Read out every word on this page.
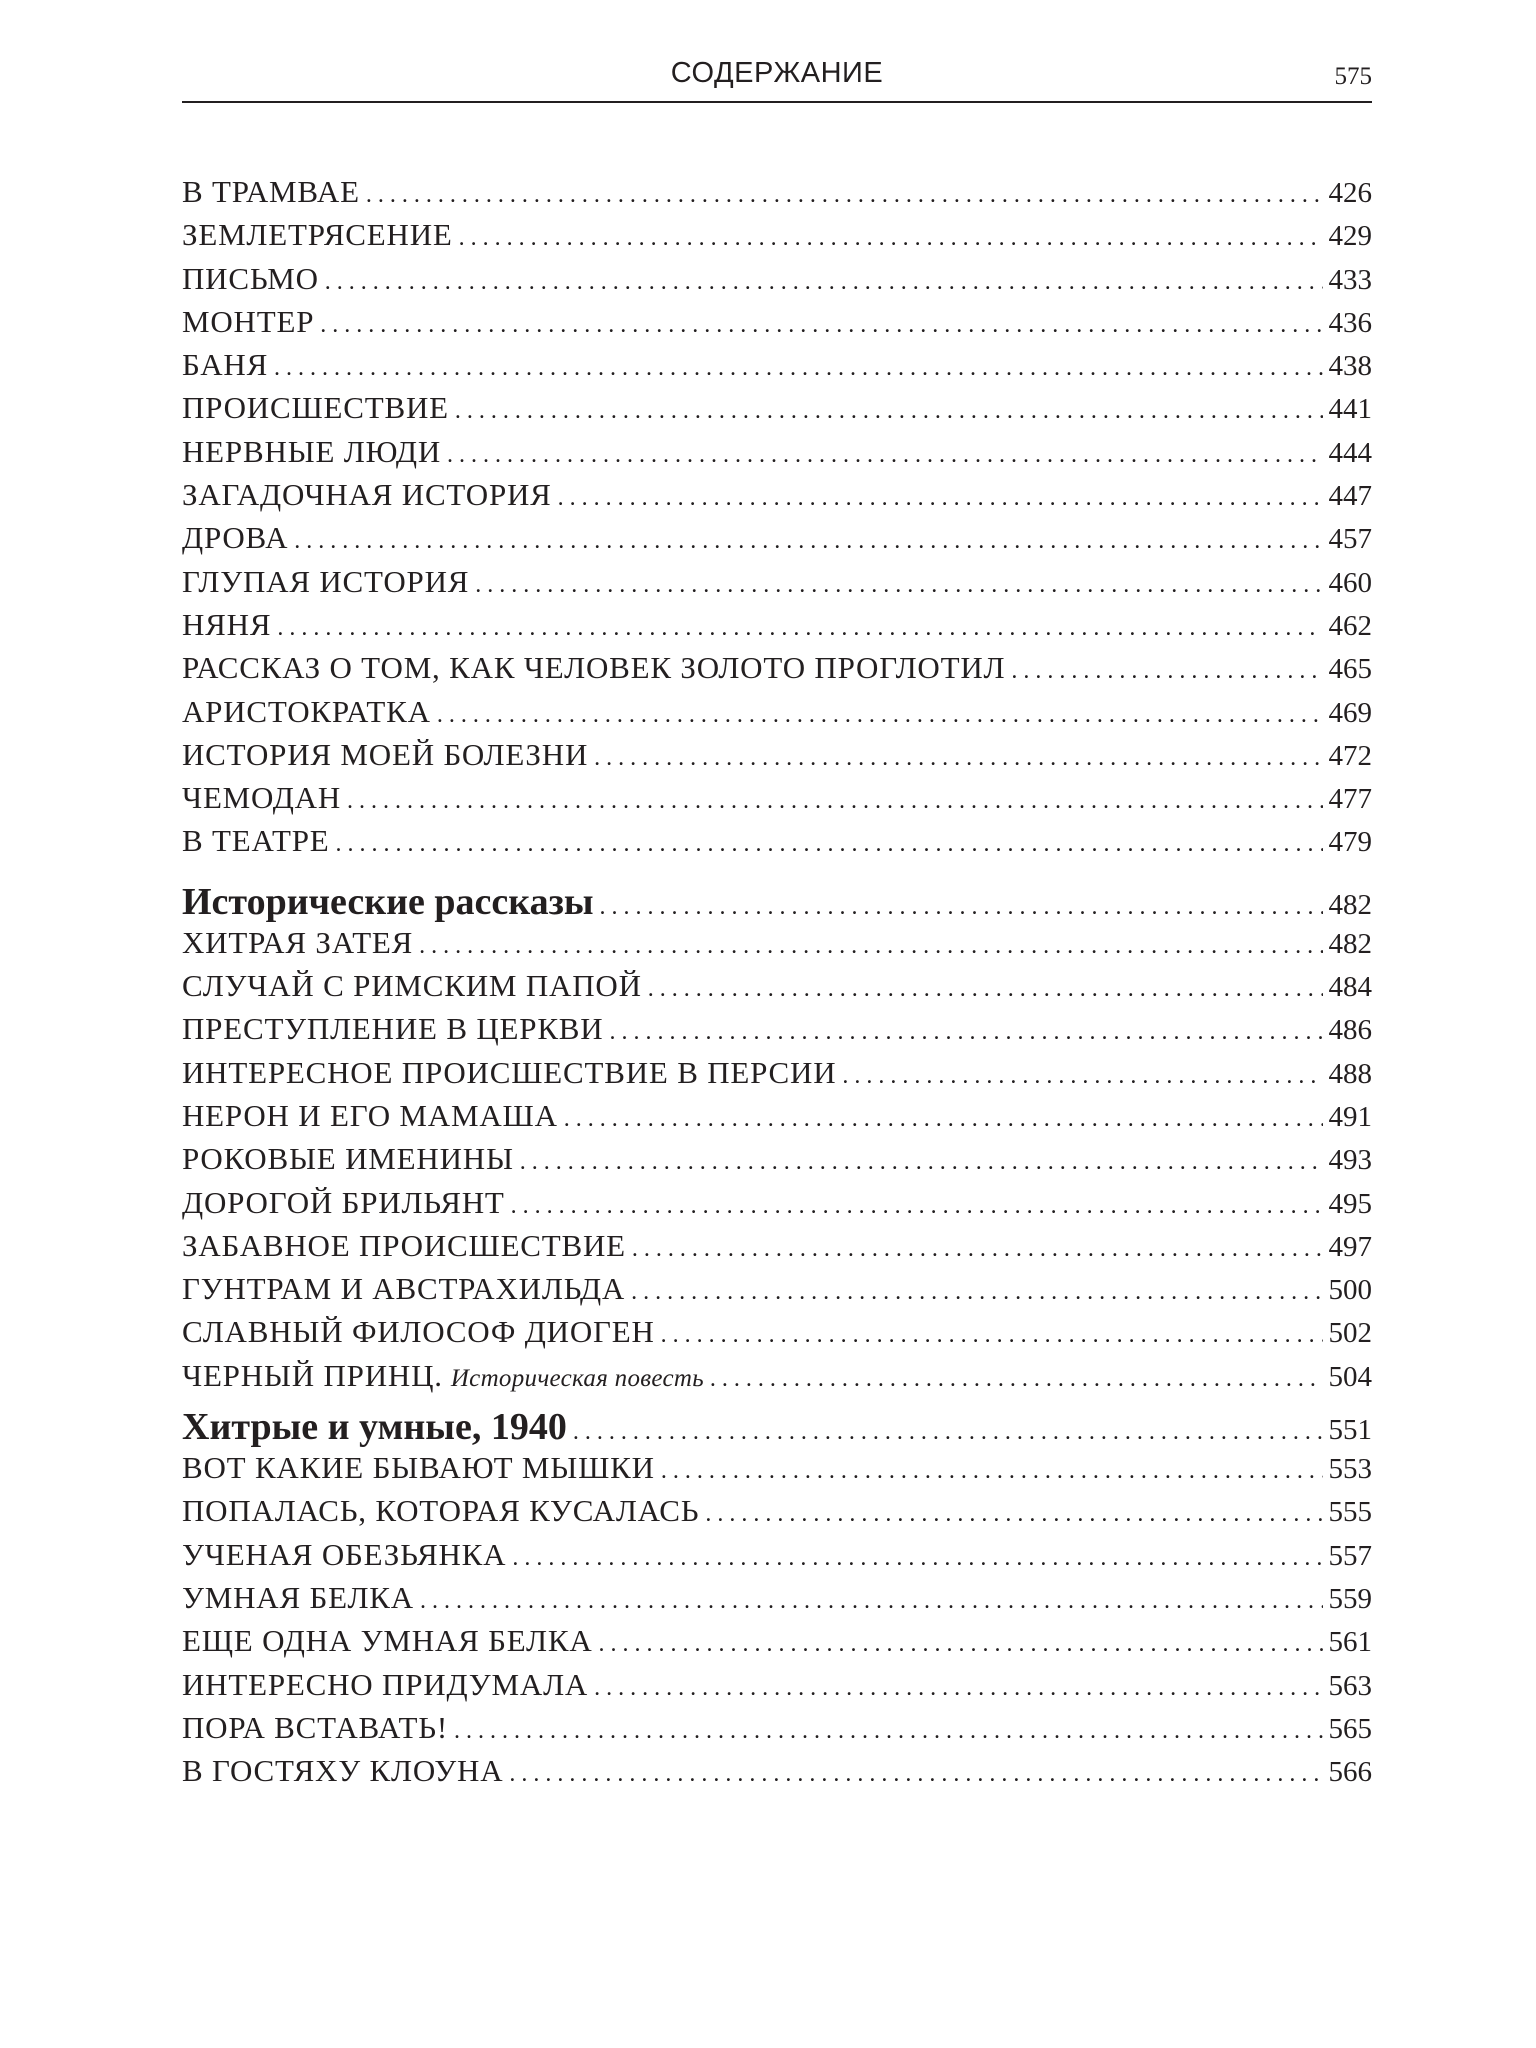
СОДЕРЖАНИЕ	575
В ТРАМВАЕ . . .	426
ЗЕМЛЕТРЯСЕНИЕ . . .	429
ПИСЬМО . . .	433
МОНТЕР . . .	436
БАНЯ . . .	438
ПРОИСШЕСТВИЕ . . .	441
НЕРВНЫЕ ЛЮДИ . . .	444
ЗАГАДОЧНАЯ ИСТОРИЯ . . .	447
ДРОВА . . .	457
ГЛУПАЯ ИСТОРИЯ . . .	460
НЯНЯ . . .	462
РАССКАЗ О ТОМ, КАК ЧЕЛОВЕК ЗОЛОТО ПРОГЛОТИЛ . . .	465
АРИСТОКРАТКА . . .	469
ИСТОРИЯ МОЕЙ БОЛЕЗНИ . . .	472
ЧЕМОДАН . . .	477
В ТЕАТРЕ . . .	479
Исторические рассказы . . .	482
ХИТРАЯ ЗАТЕЯ . . .	482
СЛУЧАЙ С РИМСКИМ ПАПОЙ . . .	484
ПРЕСТУПЛЕНИЕ В ЦЕРКВИ . . .	486
ИНТЕРЕСНОЕ ПРОИСШЕСТВИЕ В ПЕРСИИ . . .	488
НЕРОН И ЕГО МАМАША . . .	491
РОКОВЫЕ ИМЕНИНЫ . . .	493
ДОРОГОЙ БРИЛЬЯНТ . . .	495
ЗАБАВНОЕ ПРОИСШЕСТВИЕ . . .	497
ГУНТРАМ И АВСТРАХИЛЬДА . . .	500
СЛАВНЫЙ ФИЛОСОФ ДИОГЕН . . .	502
ЧЕРНЫЙ ПРИНЦ. Историческая повесть . . .	504
Хитрые и умные, 1940 . . .	551
ВОТ КАКИЕ БЫВАЮТ МЫШКИ . . .	553
ПОПАЛАСЬ, КОТОРАЯ КУСАЛАСЬ . . .	555
УЧЕНАЯ ОБЕЗЬЯНКА . . .	557
УМНАЯ БЕЛКА . . .	559
ЕЩЕ ОДНА УМНАЯ БЕЛКА . . .	561
ИНТЕРЕСНО ПРИДУМАЛА . . .	563
ПОРА ВСТАВАТЬ! . . .	565
В ГОСТЯХУ КЛОУНА . . .	566
